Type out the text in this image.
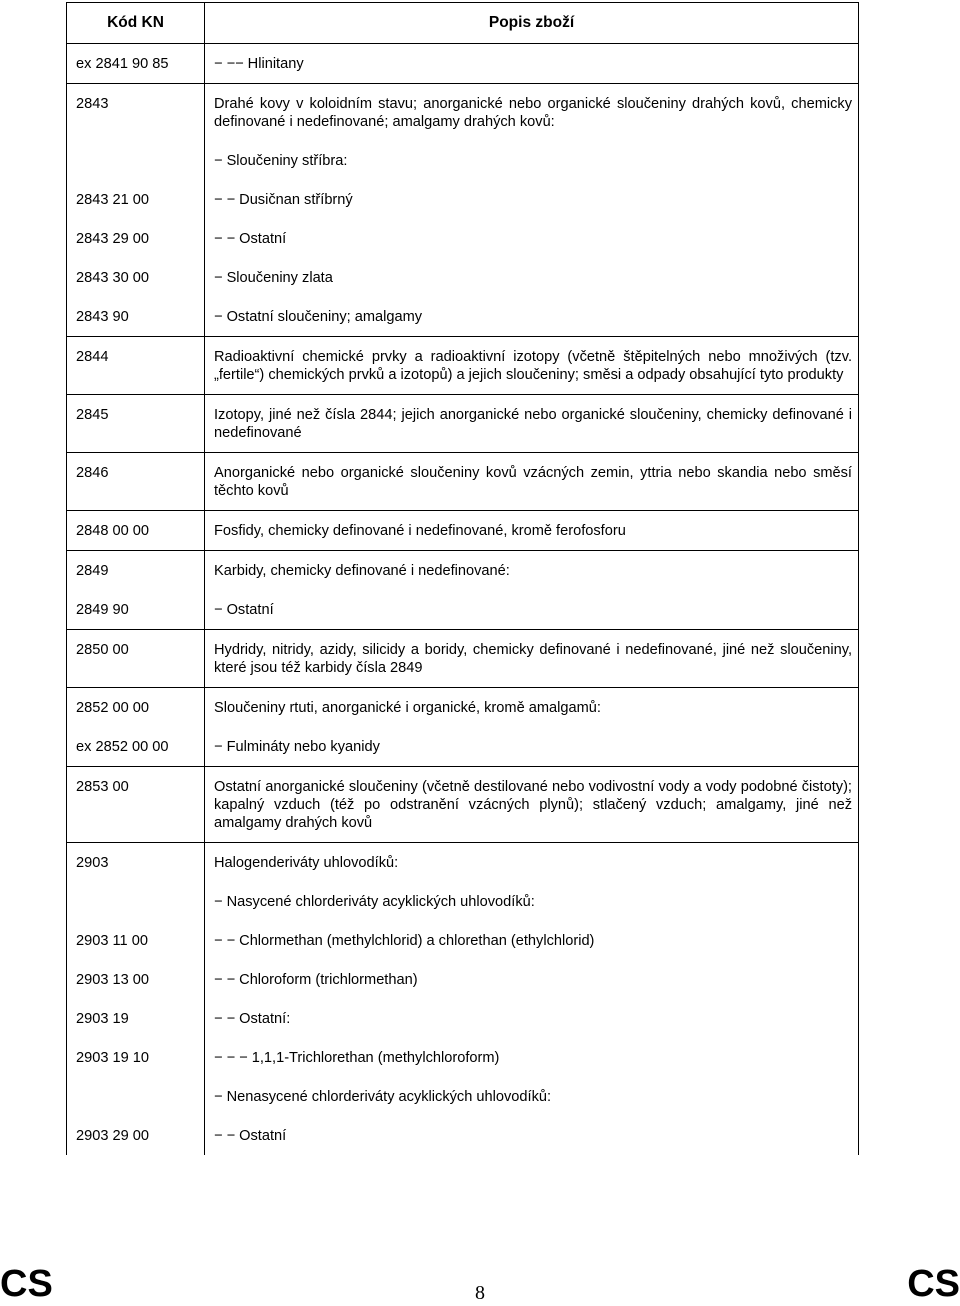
Kód KN	Popis zboží
ex 2841 90 85	− −− Hlinitany
2843	Drahé kovy v koloidním stavu; anorganické nebo organické sloučeniny drahých kovů, chemicky definované i nedefinované; amalgamy drahých kovů:
	− Sloučeniny stříbra:
2843 21 00	− − Dusičnan stříbrný
2843 29 00	− − Ostatní
2843 30 00	− Sloučeniny zlata
2843 90	− Ostatní sloučeniny; amalgamy
2844	Radioaktivní chemické prvky a radioaktivní izotopy (včetně štěpitelných nebo množivých (tzv. „fertile“) chemických prvků a izotopů) a jejich sloučeniny; směsi a odpady obsahující tyto produkty
2845	Izotopy, jiné než čísla 2844; jejich anorganické nebo organické sloučeniny, chemicky definované i nedefinované
2846	Anorganické nebo organické sloučeniny kovů vzácných zemin, yttria nebo skandia nebo směsí těchto kovů
2848 00 00	Fosfidy, chemicky definované i nedefinované, kromě ferofosforu
2849	Karbidy, chemicky definované i nedefinované:
2849 90	− Ostatní
2850 00	Hydridy, nitridy, azidy, silicidy a boridy, chemicky definované i nedefinované, jiné než sloučeniny, které jsou též karbidy čísla 2849
2852 00 00	Sloučeniny rtuti, anorganické i organické, kromě amalgamů:
ex 2852 00 00	− Fulmináty nebo kyanidy
2853 00	Ostatní anorganické sloučeniny (včetně destilované nebo vodivostní vody a vody podobné čistoty); kapalný vzduch (též po odstranění vzácných plynů); stlačený vzduch; amalgamy, jiné než amalgamy drahých kovů
2903	Halogenderiváty uhlovodíků:
	− Nasycené chlorderiváty acyklických uhlovodíků:
2903 11 00	− − Chlormethan (methylchlorid) a chlorethan (ethylchlorid)
2903 13 00	− − Chloroform (trichlormethan)
2903 19	− − Ostatní:
2903 19 10	− − − 1,1,1-Trichlorethan (methylchloroform)
	− Nenasycené chlorderiváty acyklických uhlovodíků:
2903 29 00	− − Ostatní
CS	8	CS
